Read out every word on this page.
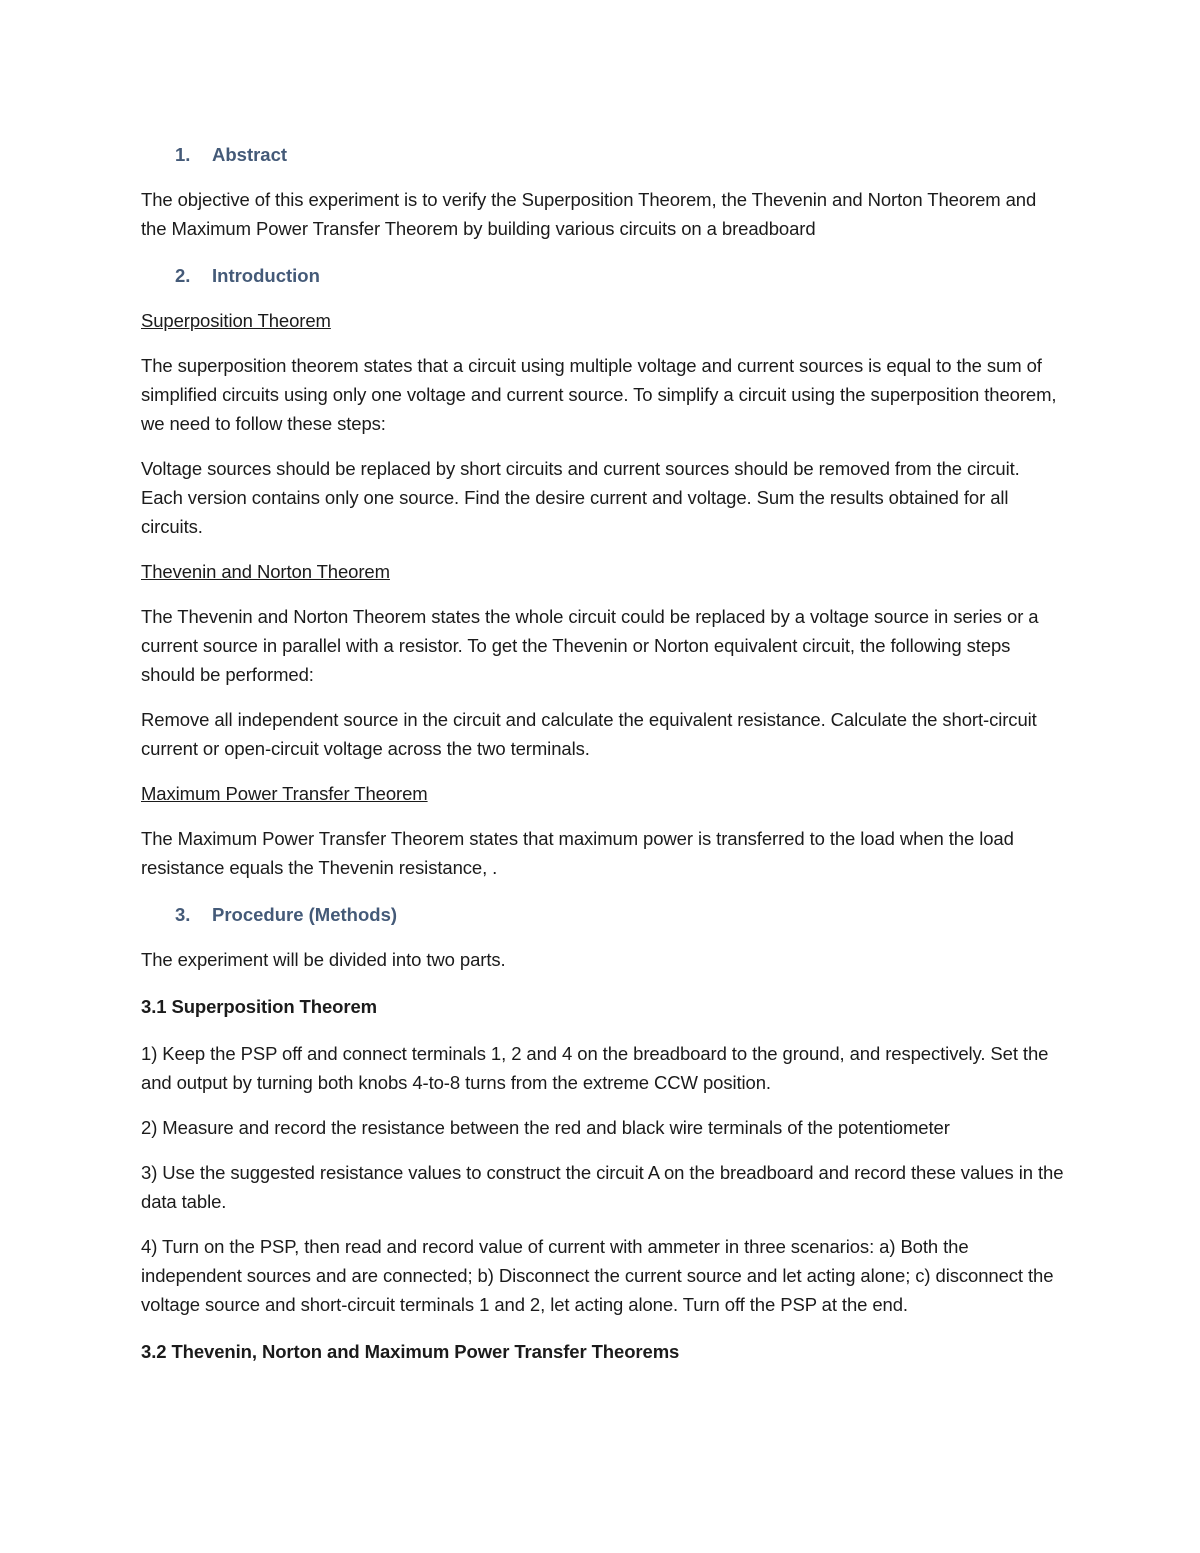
1. Abstract

The objective of this experiment is to verify the Superposition Theorem, the Thevenin and Norton Theorem and the Maximum Power Transfer Theorem by building various circuits on a breadboard

2. Introduction

Superposition Theorem

The superposition theorem states that a circuit using multiple voltage and current sources is equal to the sum of simplified circuits using only one voltage and current source. To simplify a circuit using the superposition theorem, we need to follow these steps:

Voltage sources should be replaced by short circuits and current sources should be removed from the circuit. Each version contains only one source. Find the desire current and voltage. Sum the results obtained for all circuits.

Thevenin and Norton Theorem

The Thevenin and Norton Theorem states the whole circuit could be replaced by a voltage source in series or a current source in parallel with a resistor. To get the Thevenin or Norton equivalent circuit, the following steps should be performed:

Remove all independent source in the circuit and calculate the equivalent resistance. Calculate the short-circuit current or open-circuit voltage across the two terminals.

Maximum Power Transfer Theorem

The Maximum Power Transfer Theorem states that maximum power is transferred to the load when the load resistance equals the Thevenin resistance, .

3. Procedure (Methods)

The experiment will be divided into two parts.

3.1 Superposition Theorem

1) Keep the PSP off and connect terminals 1, 2 and 4 on the breadboard to the ground, and respectively. Set the and output by turning both knobs 4-to-8 turns from the extreme CCW position.

2) Measure and record the resistance between the red and black wire terminals of the potentiometer

3) Use the suggested resistance values to construct the circuit A on the breadboard and record these values in the data table.

4) Turn on the PSP, then read and record value of current with ammeter in three scenarios: a) Both the independent sources and are connected; b) Disconnect the current source and let acting alone; c) disconnect the voltage source and short-circuit terminals 1 and 2, let acting alone. Turn off the PSP at the end.

3.2 Thevenin, Norton and Maximum Power Transfer Theorems
